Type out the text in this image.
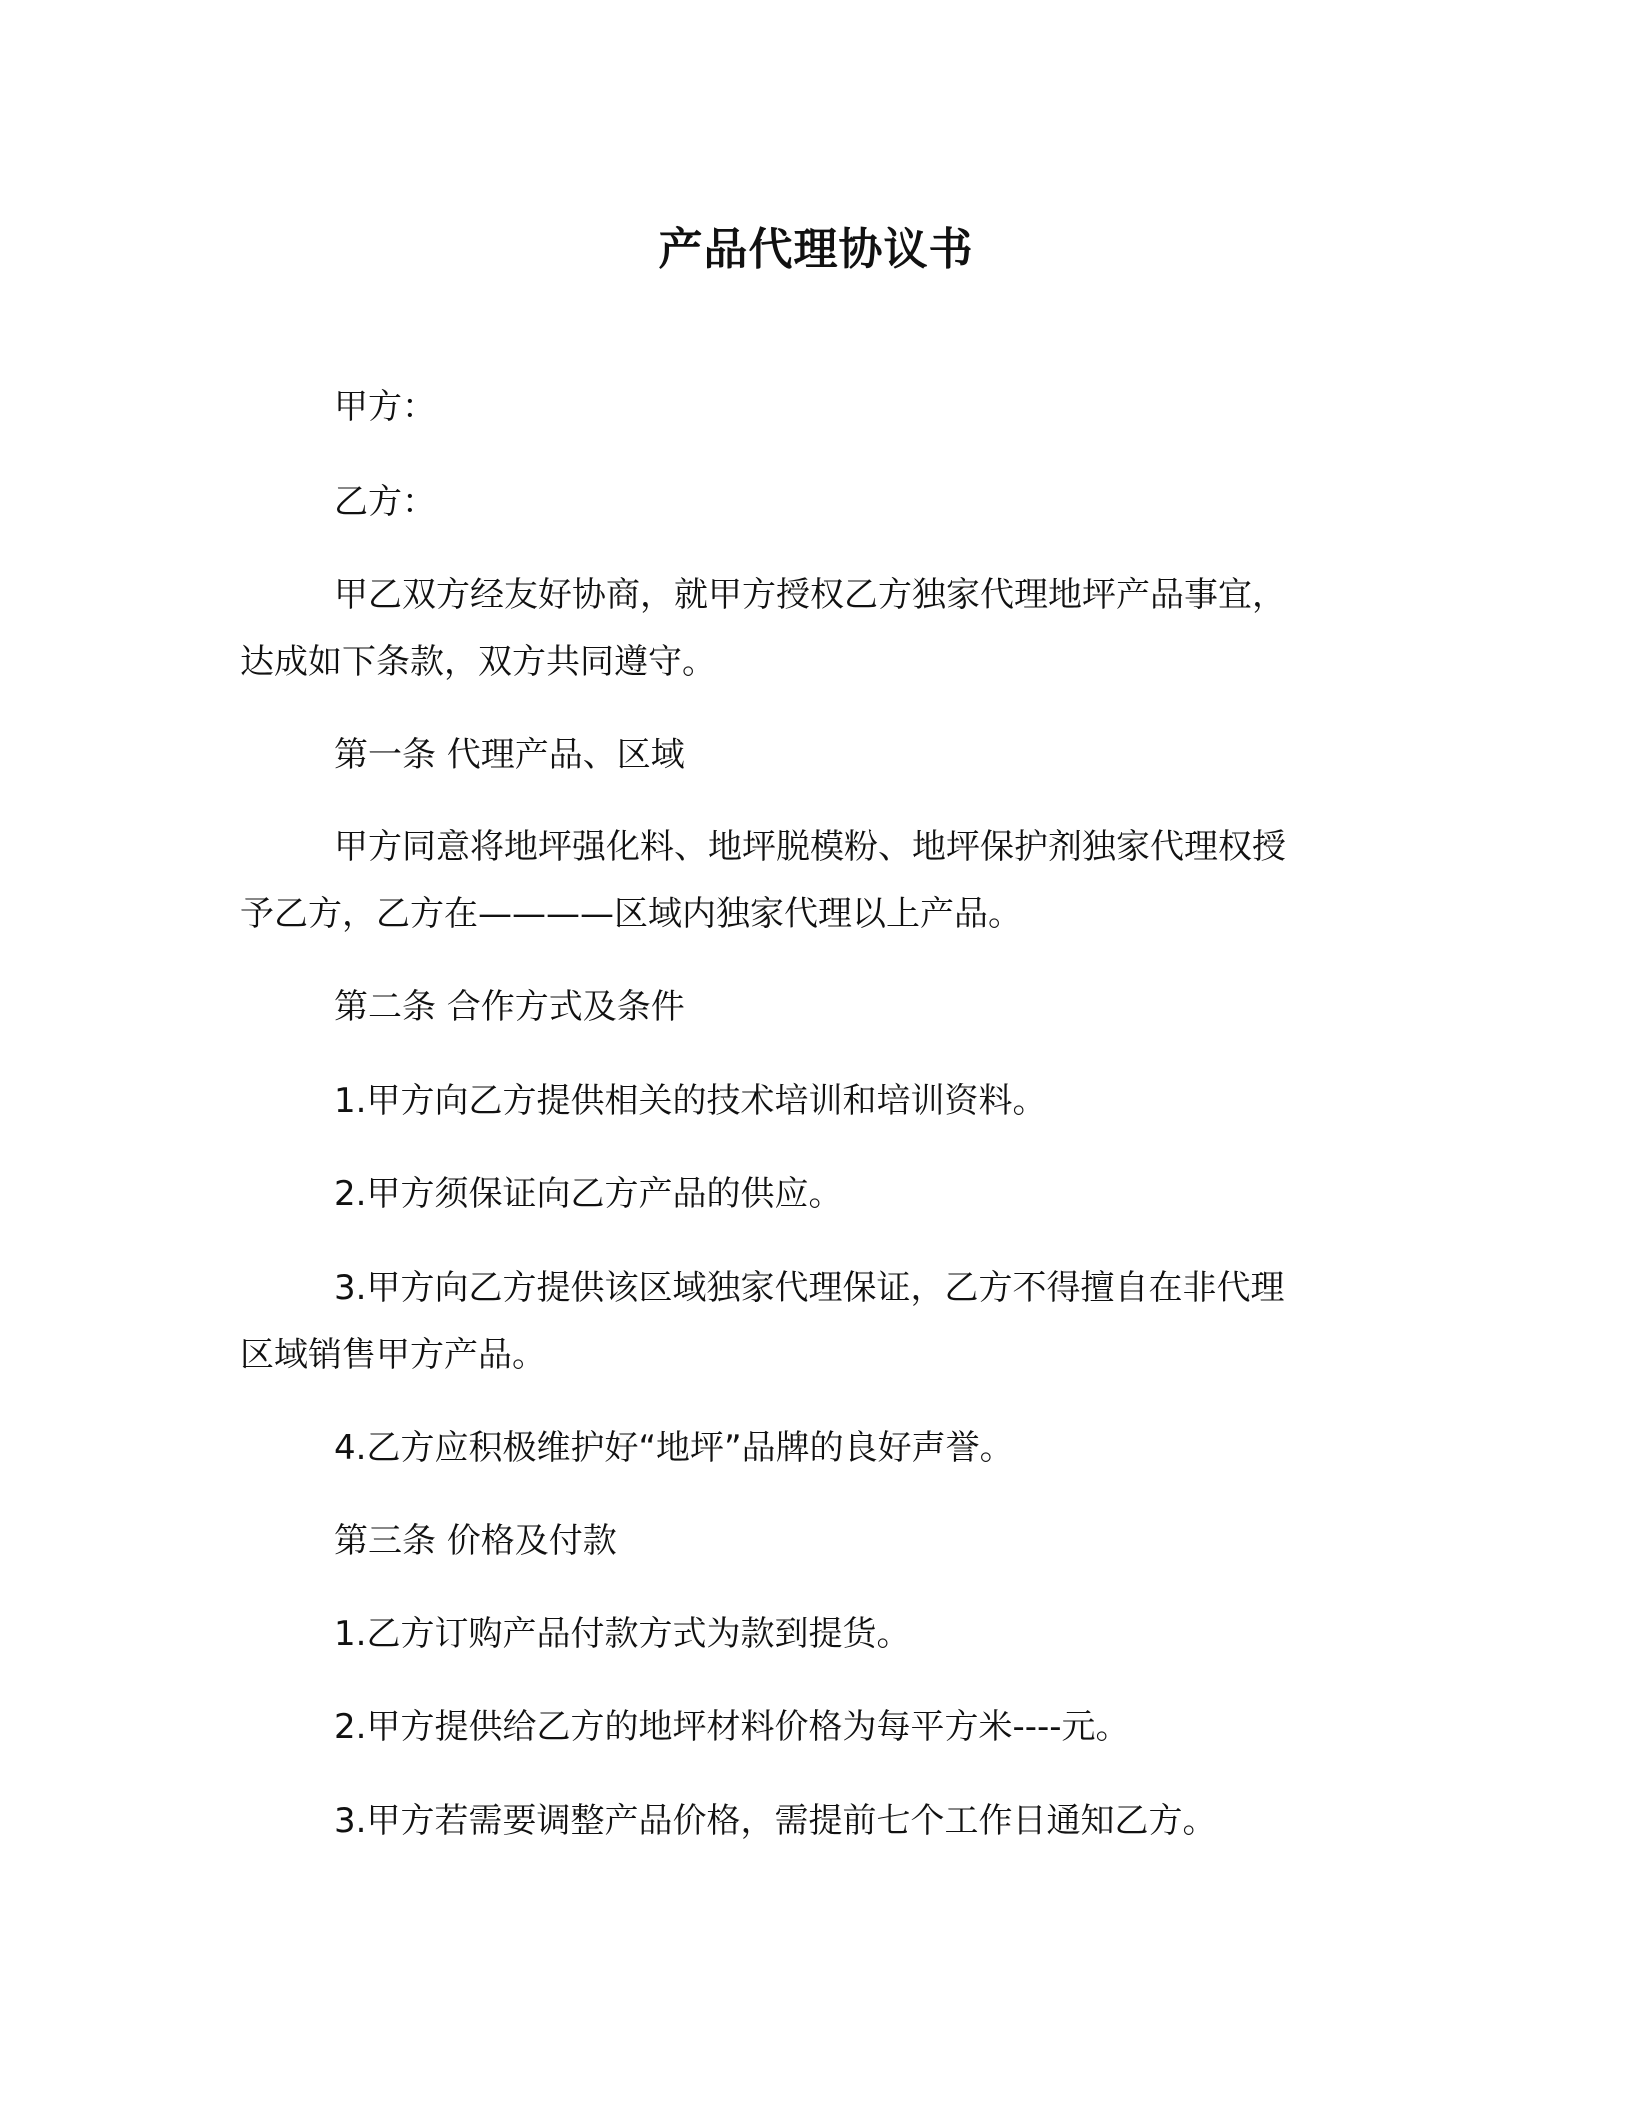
产品代理协议书
甲方：
乙方：
甲乙双方经友好协商，就甲方授权乙方独家代理地坪产品事宜，
达成如下条款，双方共同遵守。
第一条 代理产品、区域
甲方同意将地坪强化料、地坪脱模粉、地坪保护剂独家代理权授
予乙方，乙方在————区域内独家代理以上产品。
第二条 合作方式及条件
1.甲方向乙方提供相关的技术培训和培训资料。
2.甲方须保证向乙方产品的供应。
3.甲方向乙方提供该区域独家代理保证，乙方不得擅自在非代理
区域销售甲方产品。
4.乙方应积极维护好“地坪”品牌的良好声誉。
第三条 价格及付款
1.乙方订购产品付款方式为款到提货。
2.甲方提供给乙方的地坪材料价格为每平方米----元。
3.甲方若需要调整产品价格，需提前七个工作日通知乙方。
